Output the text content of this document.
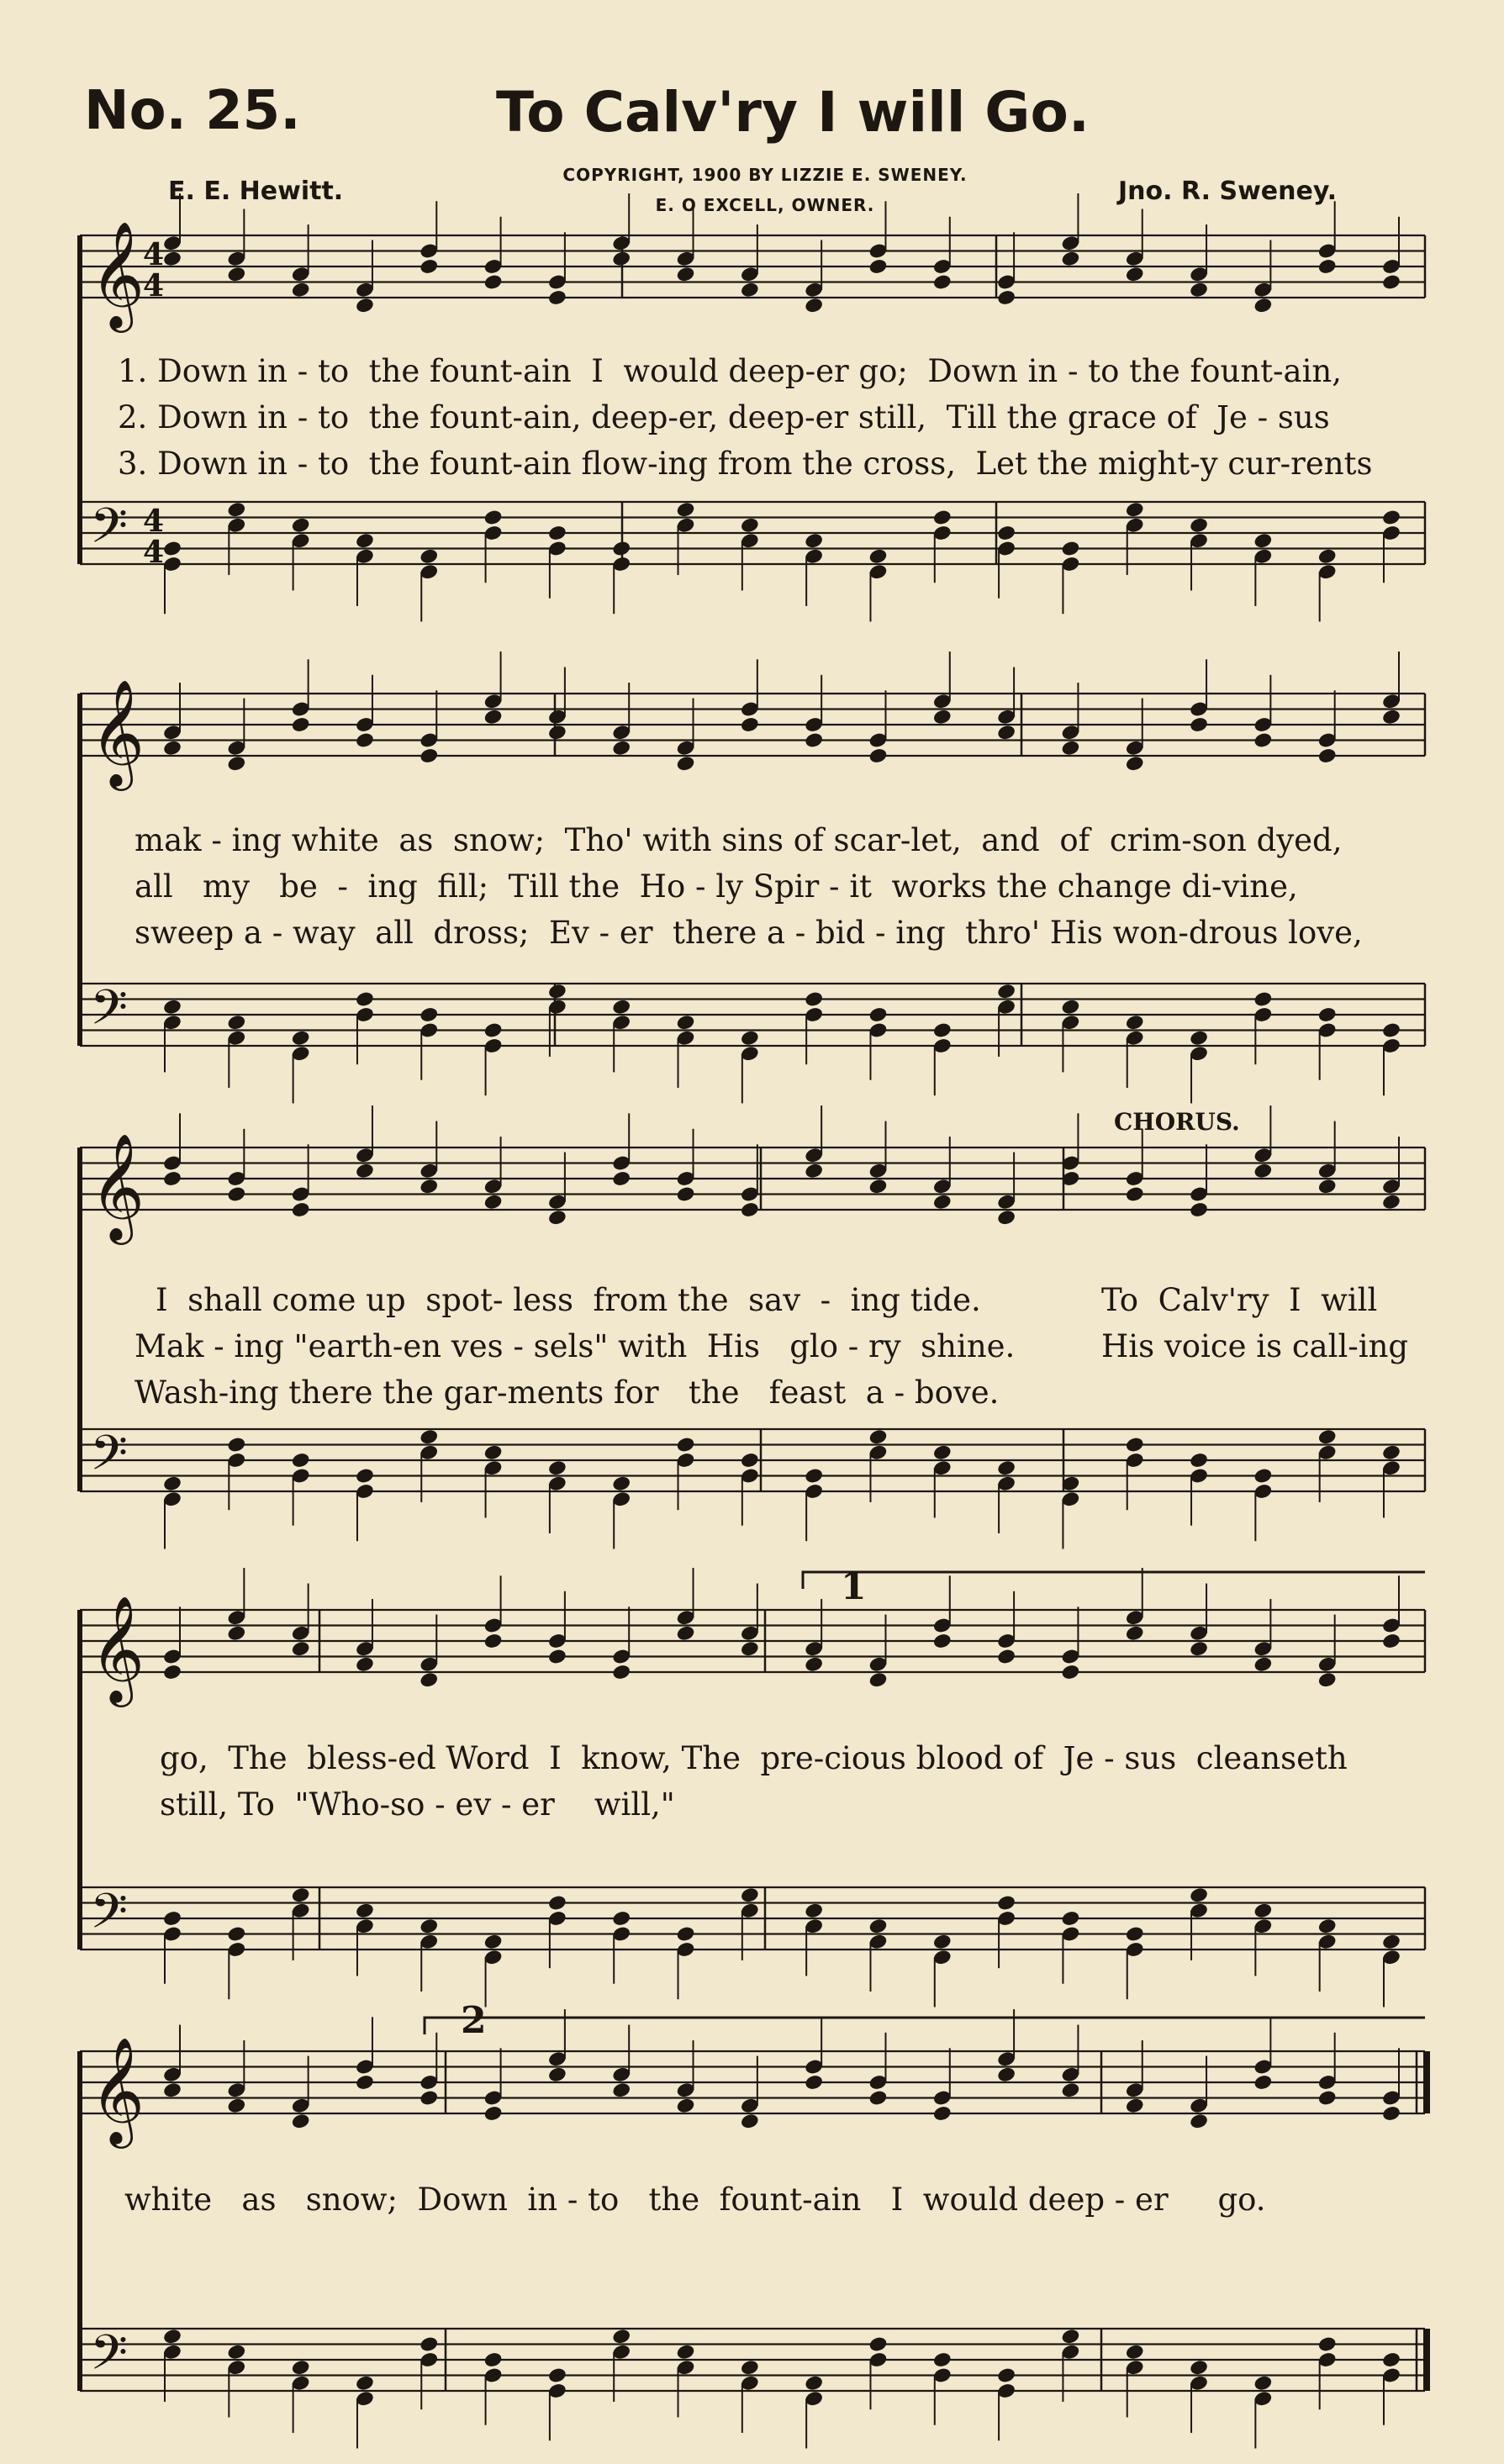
No. 25.	To Calv'ry I will Go.
E. E. Hewitt.	Jno. R. Sweney.
COPYRIGHT, 1900 BY LIZZIE E. SWENEY.
E. O EXCELL, OWNER.
𝄞
𝄢
𝄞
𝄢
𝄞
𝄢
𝄞
𝄢
𝄞
𝄢
4
4
4
4
1. Down in - to  the fount-ain  I  would deep-er go;  Down in - to the fount-ain,
2. Down in - to  the fount-ain, deep-er, deep-er still,  Till the grace of  Je - sus
3. Down in - to  the fount-ain flow-ing from the cross,  Let the might-y cur-rents
mak - ing white  as  snow;  Tho' with sins of scar-let,  and  of  crim-son dyed,
all   my   be  -  ing  fill;  Till the  Ho - ly Spir - it  works the change di-vine,
sweep a - way  all  dross;  Ev - er  there a - bid - ing  thro' His won-drous love,
CHORUS.
I  shall come up  spot- less  from the  sav  -  ing tide.
Mak - ing "earth-en ves - sels" with  His   glo - ry  shine.
Wash-ing there the gar-ments for   the   feast  a - bove.
To  Calv'ry  I  will
His voice is call-ing
1
go,  The  bless-ed Word  I  know, The  pre-cious blood of  Je - sus  cleanseth
still, To  "Who-so - ev - er    will,"
2
white   as   snow;  Down  in - to   the  fount-ain   I  would deep - er     go.
